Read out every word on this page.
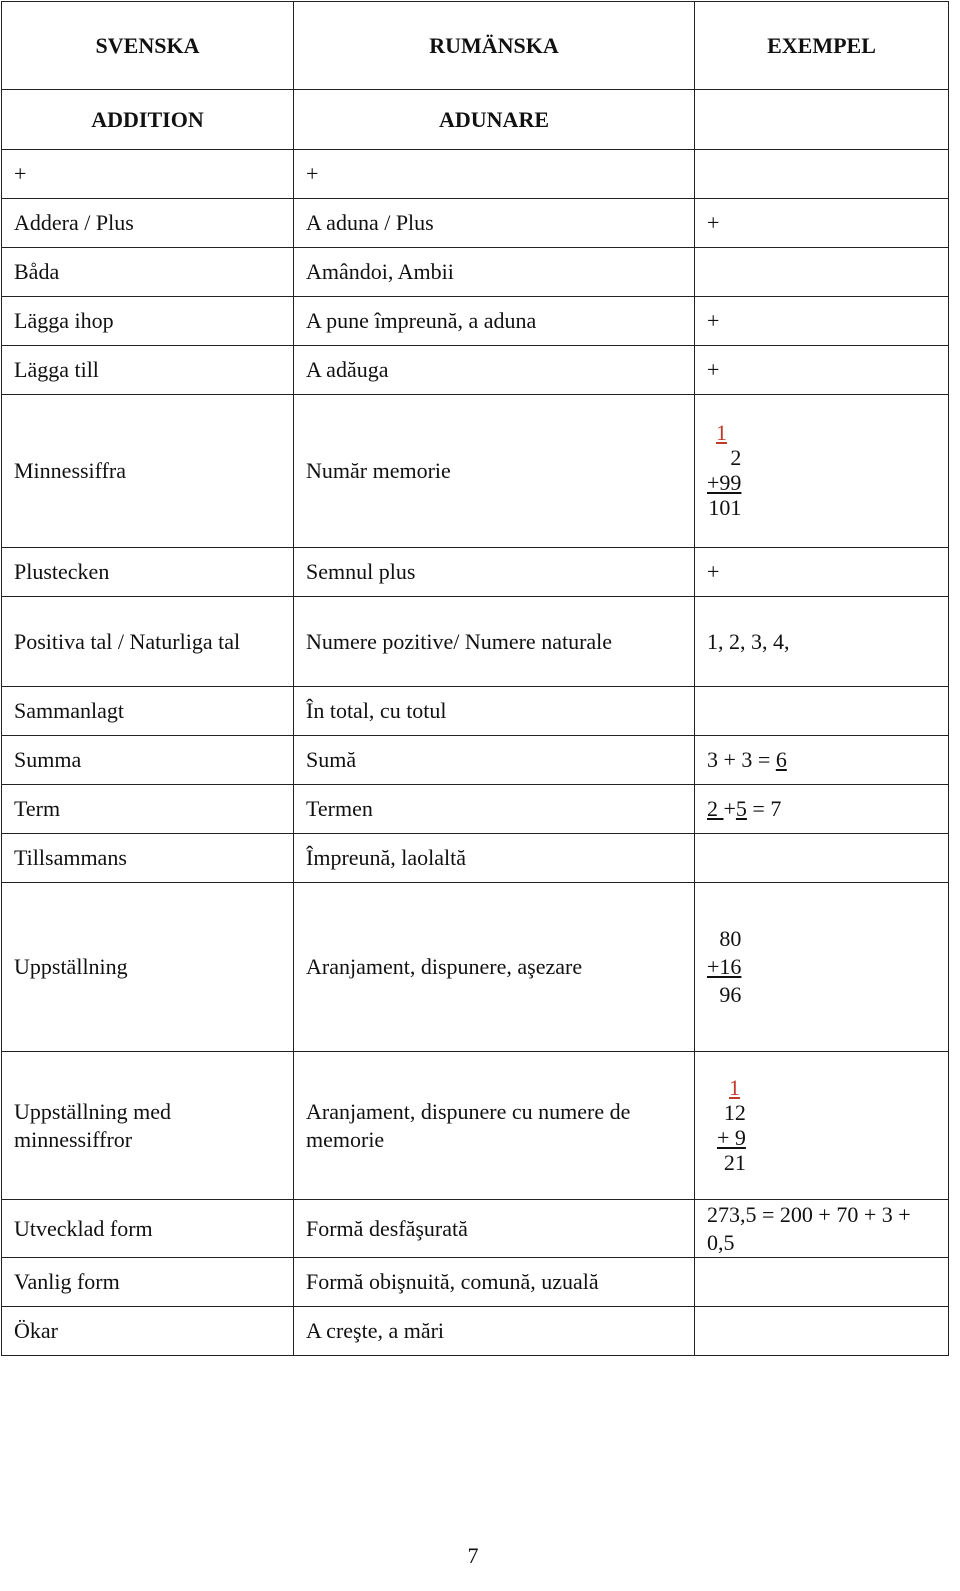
SVENSKA	RUMÄNSKA	EXEMPEL
ADDITION	ADUNARE	
+	+	
Addera / Plus	A aduna / Plus	+
Båda	Amândoi, Ambii	
Lägga ihop	A pune împreună, a aduna	+
Lägga till	A adăuga	+
Minnessiffra	Număr memorie	1
2
+99
101

Plustecken	Semnul plus	+
Positiva tal / Naturliga tal	Numere pozitive/ Numere naturale	1, 2, 3, 4,
Sammanlagt	În total, cu totul	
Summa	Sumă	3 + 3 = 6
Term	Termen	2 +5 = 7
Tillsammans	Împreună, laolaltă	
Uppställning	Aranjament, dispunere, aşezare	80
+16
96

Uppställning med minnessiffror	Aranjament, dispunere cu numere de memorie	1
12
+ 9
21

Utvecklad form	Formă desfăşurată	273,5 = 200 + 70 + 3 + 0,5
Vanlig form	Formă obişnuită, comună, uzuală	
Ökar	A creşte, a mări	
7
